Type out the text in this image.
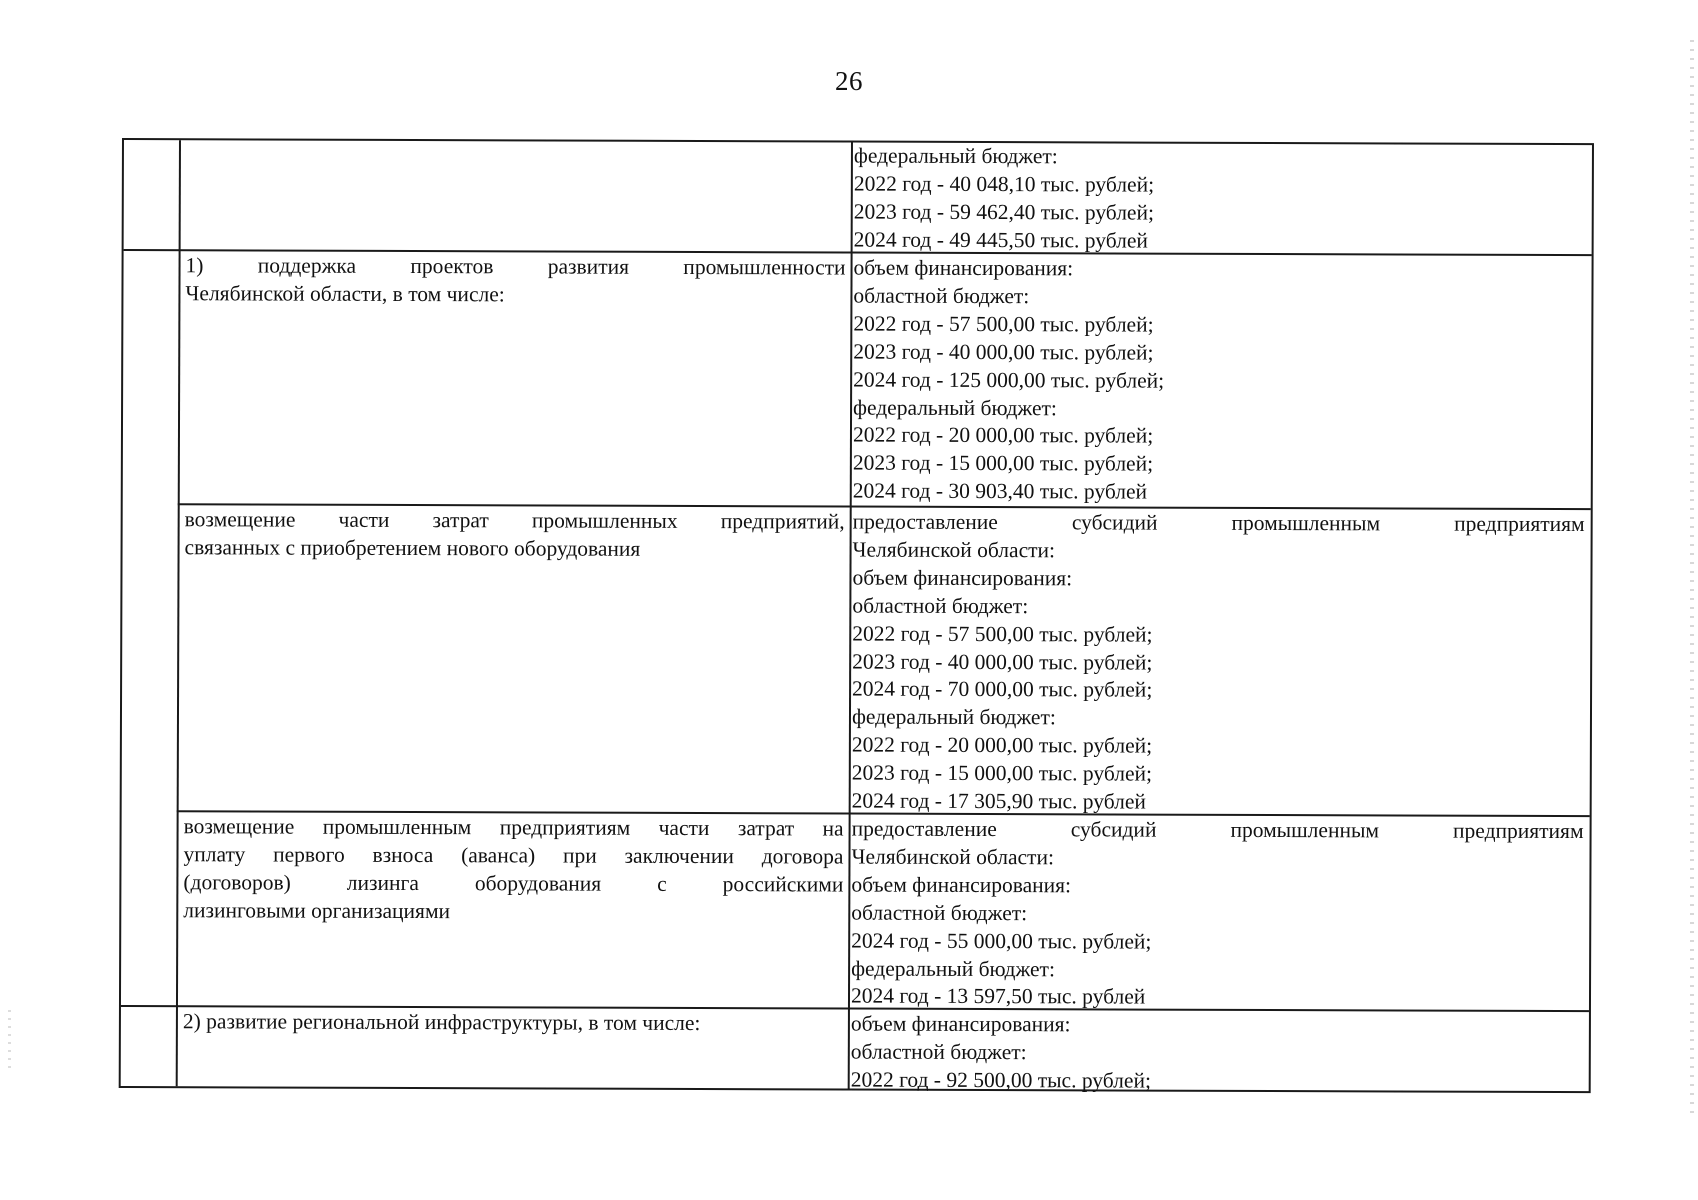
26
федеральный бюджет:
2022 год - 40 048,10 тыс. рублей;
2023 год - 59 462,40 тыс. рублей;
2024 год - 49 445,50 тыс. рублей
1) поддержка проектов развития промышленности
Челябинской области, в том числе:
объем финансирования:
областной бюджет:
2022 год - 57 500,00 тыс. рублей;
2023 год - 40 000,00 тыс. рублей;
2024 год - 125 000,00 тыс. рублей;
федеральный бюджет:
2022 год - 20 000,00 тыс. рублей;
2023 год - 15 000,00 тыс. рублей;
2024 год - 30 903,40 тыс. рублей
возмещение части затрат промышленных предприятий,
связанных с приобретением нового оборудования
предоставление субсидий промышленным предприятиям
Челябинской области:
объем финансирования:
областной бюджет:
2022 год - 57 500,00 тыс. рублей;
2023 год - 40 000,00 тыс. рублей;
2024 год - 70 000,00 тыс. рублей;
федеральный бюджет:
2022 год - 20 000,00 тыс. рублей;
2023 год - 15 000,00 тыс. рублей;
2024 год - 17 305,90 тыс. рублей
возмещение промышленным предприятиям части затрат на
уплату первого взноса (аванса) при заключении договора
(договоров) лизинга оборудования с российскими
лизинговыми организациями
предоставление субсидий промышленным предприятиям
Челябинской области:
объем финансирования:
областной бюджет:
2024 год - 55 000,00 тыс. рублей;
федеральный бюджет:
2024 год - 13 597,50 тыс. рублей
2) развитие региональной инфраструктуры, в том числе:	объем финансирования:
областной бюджет:
2022 год - 92 500,00 тыс. рублей;
